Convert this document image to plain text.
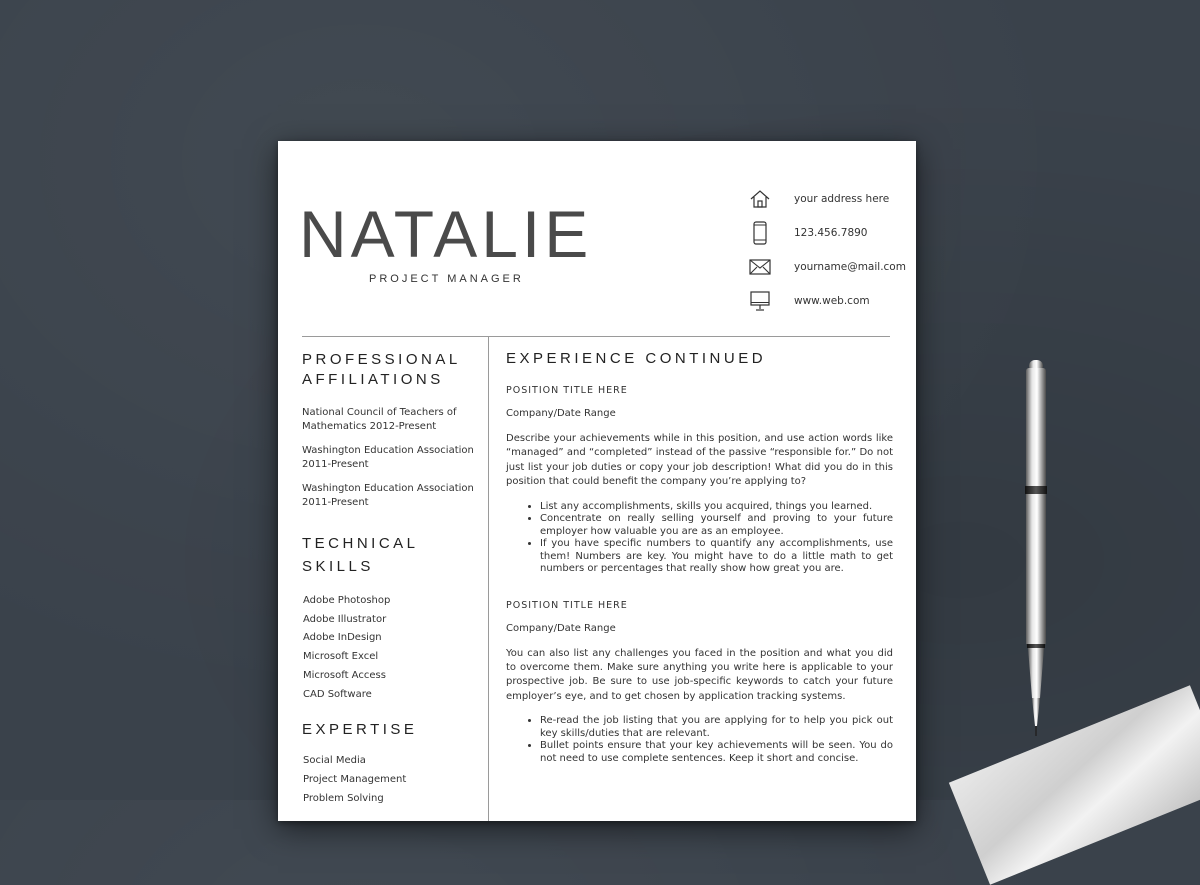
NATALIE
PROJECT MANAGER
your address here
123.456.7890
yourname@mail.com
www.web.com
PROFESSIONAL
AFFILIATIONS
National Council of Teachers of
Mathematics 2012-Present
Washington Education Association
2011-Present
Washington Education Association
2011-Present
TECHNICAL
SKILLS
Adobe Photoshop
Adobe Illustrator
Adobe InDesign
Microsoft Excel
Microsoft Access
CAD Software
EXPERTISE
Social Media
Project Management
Problem Solving
EXPERIENCE CONTINUED
POSITION TITLE HERE
Company/Date Range
Describe your achievements while in this position, and use action words like “managed” and “completed” instead of the passive “responsible for.” Do not just list your job duties or copy your job description! What did you do in this position that could benefit the company you’re applying to?
• List any accomplishments, skills you acquired, things you learned.
• Concentrate on really selling yourself and proving to your future employer how valuable you are as an employee.
• If you have specific numbers to quantify any accomplishments, use them! Numbers are key. You might have to do a little math to get numbers or percentages that really show how great you are.
POSITION TITLE HERE
Company/Date Range
You can also list any challenges you faced in the position and what you did to overcome them. Make sure anything you write here is applicable to your prospective job. Be sure to use job-specific keywords to catch your future employer’s eye, and to get chosen by application tracking systems.
• Re-read the job listing that you are applying for to help you pick out key skills/duties that are relevant.
• Bullet points ensure that your key achievements will be seen. You do not need to use complete sentences. Keep it short and concise.
